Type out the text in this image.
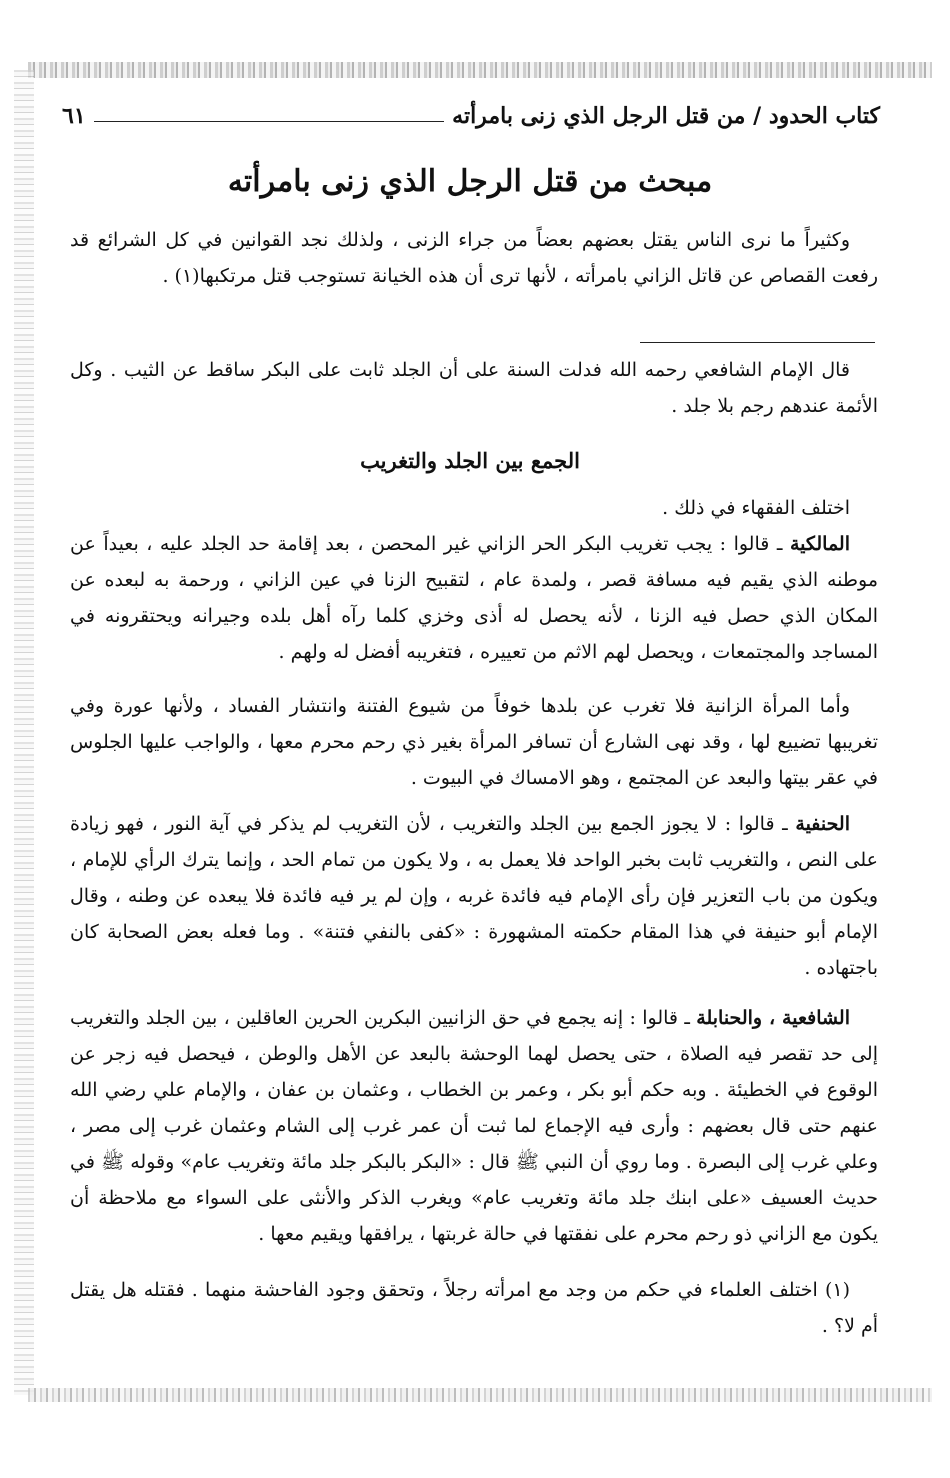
كتاب الحدود / من قتل الرجل الذي زنى بامرأته
٦١
مبحث من قتل الرجل الذي زنى بامرأته
وكثيراً ما نرى الناس يقتل بعضهم بعضاً من جراء الزنى ، ولذلك نجد القوانين في كل الشرائع قد رفعت القصاص عن قاتل الزاني بامرأته ، لأنها ترى أن هذه الخيانة تستوجب قتل مرتكبها(١) .
قال الإمام الشافعي رحمه الله فدلت السنة على أن الجلد ثابت على البكر ساقط عن الثيب . وكل الأئمة عندهم رجم بلا جلد .
الجمع بين الجلد والتغريب
اختلف الفقهاء في ذلك .
المالكية ـ قالوا : يجب تغريب البكر الحر الزاني غير المحصن ، بعد إقامة حد الجلد عليه ، بعيداً عن موطنه الذي يقيم فيه مسافة قصر ، ولمدة عام ، لتقبيح الزنا في عين الزاني ، ورحمة به لبعده عن المكان الذي حصل فيه الزنا ، لأنه يحصل له أذى وخزي كلما رآه أهل بلده وجيرانه ويحتقرونه في المساجد والمجتمعات ، ويحصل لهم الاثم من تعييره ، فتغريبه أفضل له ولهم .
وأما المرأة الزانية فلا تغرب عن بلدها خوفاً من شيوع الفتنة وانتشار الفساد ، ولأنها عورة وفي تغريبها تضييع لها ، وقد نهى الشارع أن تسافر المرأة بغير ذي رحم محرم معها ، والواجب عليها الجلوس في عقر بيتها والبعد عن المجتمع ، وهو الامساك في البيوت .
الحنفية ـ قالوا : لا يجوز الجمع بين الجلد والتغريب ، لأن التغريب لم يذكر في آية النور ، فهو زيادة على النص ، والتغريب ثابت بخبر الواحد فلا يعمل به ، ولا يكون من تمام الحد ، وإنما يترك الرأي للإمام ، ويكون من باب التعزير فإن رأى الإمام فيه فائدة غربه ، وإن لم ير فيه فائدة فلا يبعده عن وطنه ، وقال الإمام أبو حنيفة في هذا المقام حكمته المشهورة : «كفى بالنفي فتنة» . وما فعله بعض الصحابة كان باجتهاده .
الشافعية ، والحنابلة ـ قالوا : إنه يجمع في حق الزانيين البكرين الحرين العاقلين ، بين الجلد والتغريب إلى حد تقصر فيه الصلاة ، حتى يحصل لهما الوحشة بالبعد عن الأهل والوطن ، فيحصل فيه زجر عن الوقوع في الخطيئة . وبه حكم أبو بكر ، وعمر بن الخطاب ، وعثمان بن عفان ، والإمام علي رضي الله عنهم حتى قال بعضهم : وأرى فيه الإجماع لما ثبت أن عمر غرب إلى الشام وعثمان غرب إلى مصر ، وعلي غرب إلى البصرة . وما روي أن النبي ﷺ قال : «البكر بالبكر جلد مائة وتغريب عام» وقوله ﷺ في حديث العسيف «على ابنك جلد مائة وتغريب عام» ويغرب الذكر والأنثى على السواء مع ملاحظة أن يكون مع الزاني ذو رحم محرم على نفقتها في حالة غربتها ، يرافقها ويقيم معها .
(١) اختلف العلماء في حكم من وجد مع امرأته رجلاً ، وتحقق وجود الفاحشة منهما . فقتله هل يقتل أم لا؟ .
